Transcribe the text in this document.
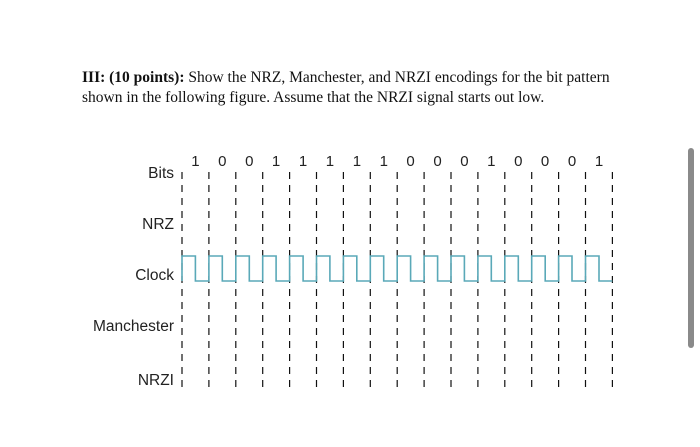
III: (10 points): Show the NRZ, Manchester, and NRZI encodings for the bit pattern shown in the following figure. Assume that the NRZI signal starts out low.
Bits
NRZ
Clock
Manchester
NRZI
1 0 0 1 1 1 1 1 0 0 0 1 0 0 0 1
